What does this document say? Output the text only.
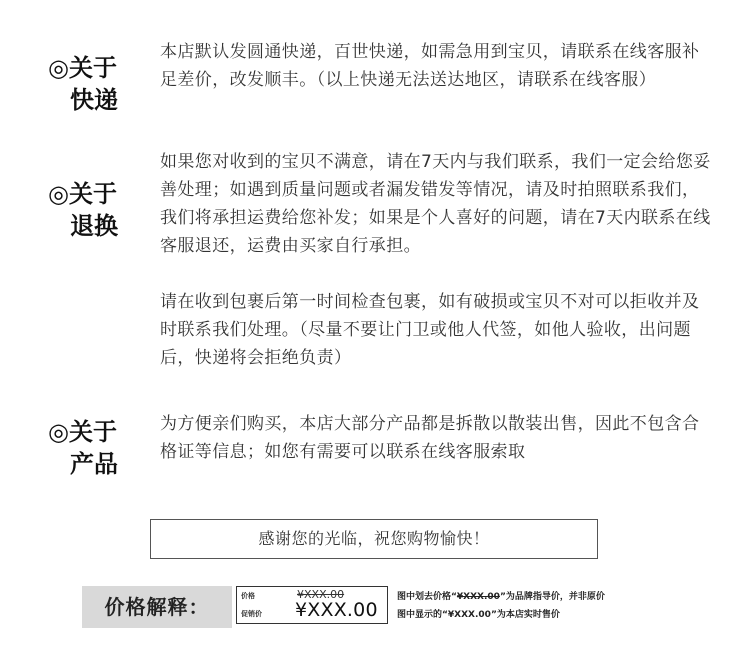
◎关于
快递
本店默认发圆通快递，百世快递，如需急用到宝贝，请联系在线客服补足差价，改发顺丰。（以上快递无法送达地区，请联系在线客服）
◎关于
退换
如果您对收到的宝贝不满意，请在7天内与我们联系，我们一定会给您妥善处理；如遇到质量问题或者漏发错发等情况，请及时拍照联系我们，我们将承担运费给您补发；如果是个人喜好的问题，请在7天内联系在线客服退还，运费由买家自行承担。
请在收到包裹后第一时间检查包裹，如有破损或宝贝不对可以拒收并及时联系我们处理。（尽量不要让门卫或他人代签，如他人验收，出问题后，快递将会拒绝负责）
◎关于
产品
为方便亲们购买，本店大部分产品都是拆散以散装出售，因此不包含合格证等信息；如您有需要可以联系在线客服索取
感谢您的光临，祝您购物愉快！
价格解释：	价格
促销价
¥XXX.00
¥XXX.00
图中划去价格“¥XXX.00”为品牌指导价，并非原价
图中显示的“¥XXX.00”为本店实时售价
